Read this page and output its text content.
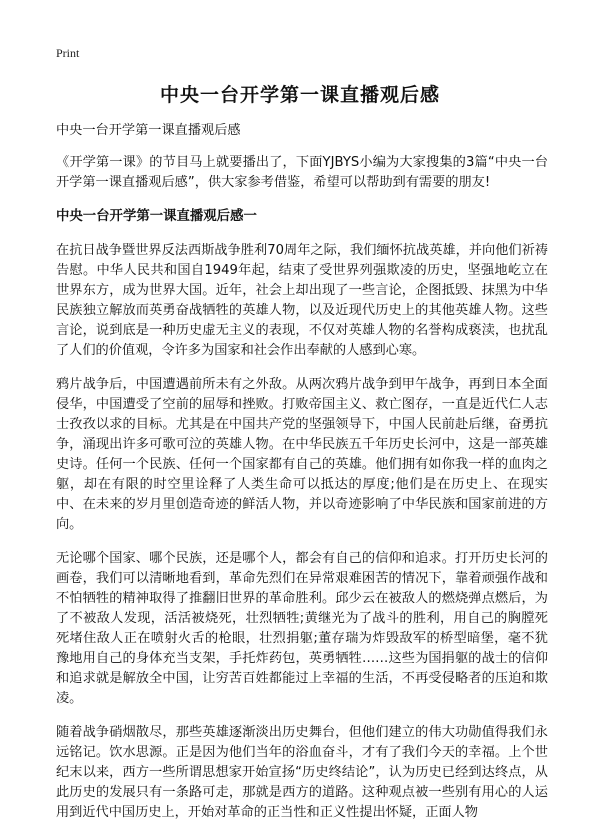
Print
中央一台开学第一课直播观后感

中央一台开学第一课直播观后感

《开学第一课》的节目马上就要播出了，下面YJBYS小编为大家搜集的3篇“中央一台开学第一课直播观后感”，供大家参考借鉴，希望可以帮助到有需要的朋友!

中央一台开学第一课直播观后感一

在抗日战争暨世界反法西斯战争胜利70周年之际，我们缅怀抗战英雄，并向他们祈祷告慰。中华人民共和国自1949年起，结束了受世界列强欺凌的历史，坚强地屹立在世界东方，成为世界大国。近年，社会上却出现了一些言论，企图抵毁、抹黑为中华民族独立解放而英勇奋战牺牲的英雄人物，以及近现代历史上的其他英雄人物。这些言论，说到底是一种历史虚无主义的表现，不仅对英雄人物的名誉构成亵渎，也扰乱了人们的价值观，令许多为国家和社会作出奉献的人感到心寒。

鸦片战争后，中国遭遇前所未有之外敌。从两次鸦片战争到甲午战争，再到日本全面侵华，中国遭受了空前的屈辱和挫败。打败帝国主义、救亡图存，一直是近代仁人志士孜孜以求的目标。尤其是在中国共产党的坚强领导下，中国人民前赴后继，奋勇抗争，涌现出许多可歌可泣的英雄人物。在中华民族五千年历史长河中，这是一部英雄史诗。任何一个民族、任何一个国家都有自己的英雄。他们拥有如你我一样的血肉之躯，却在有限的时空里诠释了人类生命可以抵达的厚度;他们是在历史上、在现实中、在未来的岁月里创造奇迹的鲜活人物，并以奇迹影响了中华民族和国家前进的方向。

无论哪个国家、哪个民族，还是哪个人，都会有自己的信仰和追求。打开历史长河的画卷，我们可以清晰地看到，革命先烈们在异常艰难困苦的情况下，靠着顽强作战和不怕牺牲的精神取得了推翻旧世界的革命胜利。邱少云在被敌人的燃烧弹点燃后，为了不被敌人发现，活活被烧死，壮烈牺牲;黄继光为了战斗的胜利，用自己的胸膛死死堵住敌人正在喷射火舌的枪眼，壮烈捐躯;董存瑞为炸毁敌军的桥型暗堡，毫不犹豫地用自己的身体充当支架，手托炸药包，英勇牺牲……这些为国捐躯的战士的信仰和追求就是解放全中国，让穷苦百姓都能过上幸福的生活，不再受侵略者的压迫和欺凌。

随着战争硝烟散尽，那些英雄逐渐淡出历史舞台，但他们建立的伟大功勋值得我们永远铭记。饮水思源。正是因为他们当年的浴血奋斗，才有了我们今天的幸福。上个世纪末以来，西方一些所谓思想家开始宣扬“历史终结论”，认为历史已经到达终点，从此历史的发展只有一条路可走，那就是西方的道路。这种观点被一些别有用心的人运用到近代中国历史上，开始对革命的正当性和正义性提出怀疑，正面人物
